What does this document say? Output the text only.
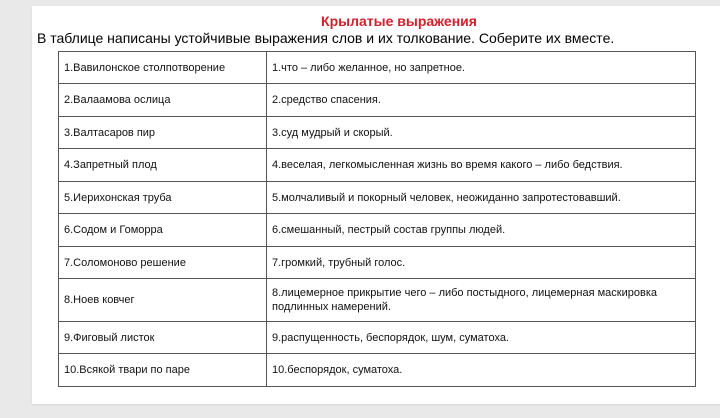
Крылатые выражения
В таблице написаны устойчивые выражения слов и их толкование. Соберите их вместе.
1.Вавилонское столпотворение	1.что – либо желанное, но запретное.
2.Валаамова ослица	2.средство спасения.
3.Валтасаров пир	3.суд мудрый и скорый.
4.Запретный плод	4.веселая, легкомысленная жизнь во время какого – либо бедствия.
5.Иерихонская труба	5.молчаливый и покорный человек, неожиданно запротестовавший.
6.Содом и Гоморра	6.смешанный, пестрый состав группы людей.
7.Соломоново решение	7.громкий, трубный голос.
8.Ноев ковчег	8.лицемерное прикрытие чего – либо постыдного, лицемерная маскировка подлинных намерений.
9.Фиговый листок	9.распущенность, беспорядок, шум, суматоха.
10.Всякой твари по паре	10.беспорядок, суматоха.
